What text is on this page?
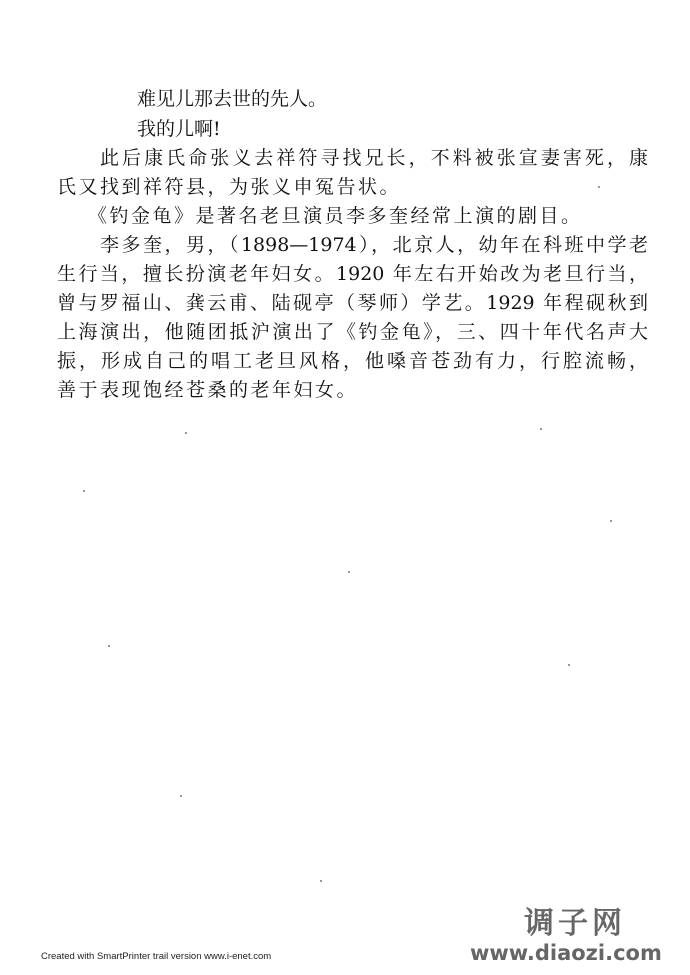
难见儿那去世的先人。
我的儿啊!
此后康氏命张义去祥符寻找兄长，不料被张宣妻害死，康
氏又找到祥符县，为张义申冤告状。
《钓金龟》是著名老旦演员李多奎经常上演的剧目。
李多奎，男，（1898—1974），北京人，幼年在科班中学老
生行当，擅长扮演老年妇女。1920 年左右开始改为老旦行当，
曾与罗福山、龚云甫、陆砚亭（琴师）学艺。1929 年程砚秋到
上海演出，他随团抵沪演出了《钓金龟》，三、四十年代名声大
振，形成自己的唱工老旦风格，他嗓音苍劲有力，行腔流畅，
善于表现饱经苍桑的老年妇女。
Created with SmartPrinter trail version www.i-enet.com
调子网
www.diaozi.com
